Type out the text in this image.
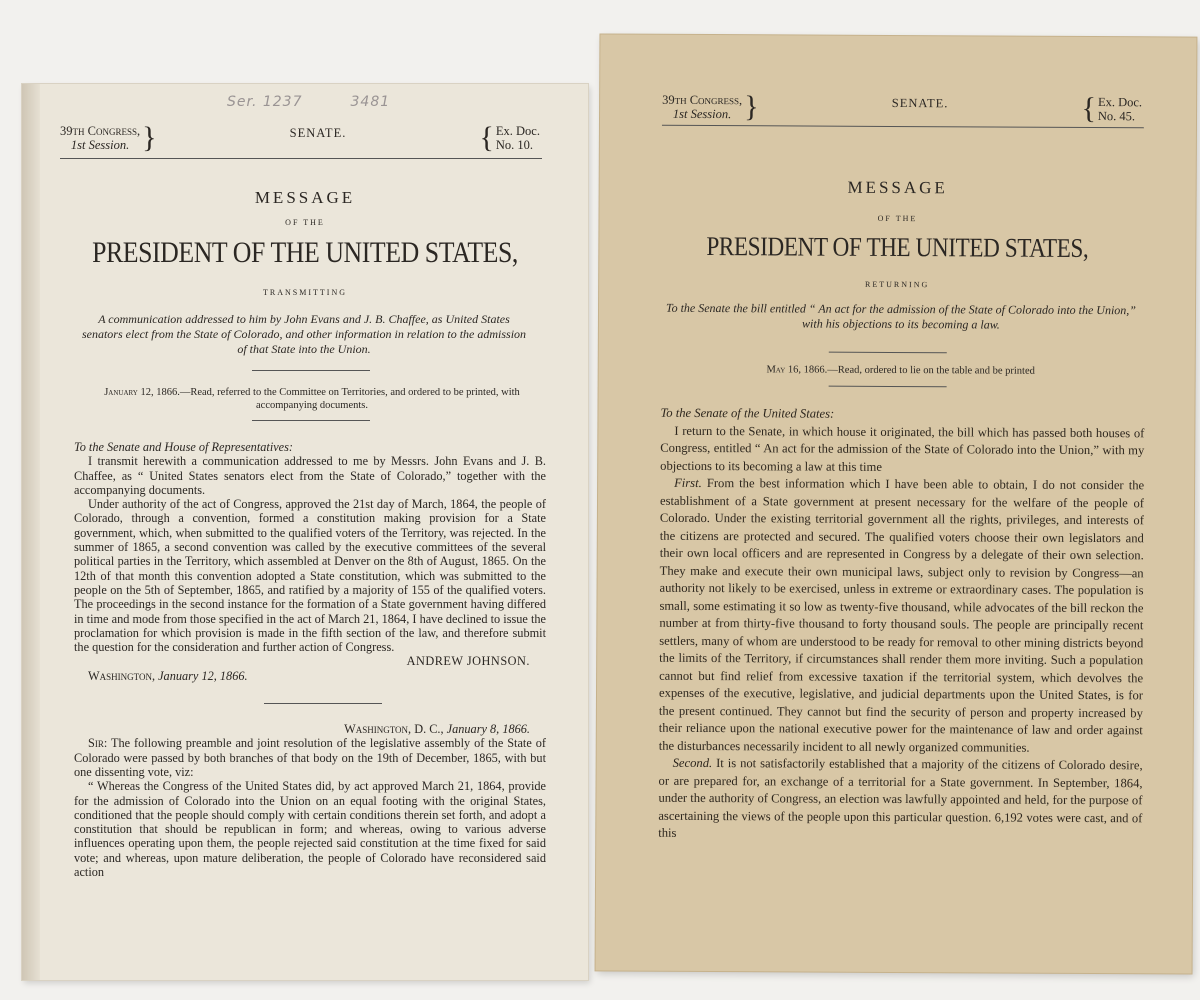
Ser. 1237	3481
39th Congress,
1st Session. }	SENATE.	{ Ex. Doc.
No. 10.
MESSAGE
OF THE
PRESIDENT OF THE UNITED STATES,
TRANSMITTING
A communication addressed to him by John Evans and J. B. Chaffee, as United States senators elect from the State of Colorado, and other information in relation to the admission of that State into the Union.
January 12, 1866.—Read, referred to the Committee on Territories, and ordered to be printed, with accompanying documents.

To the Senate and House of Representatives:

I transmit herewith a communication addressed to me by Messrs. John Evans and J. B. Chaffee, as “ United States senators elect from the State of Colorado,” together with the accompanying documents.

Under authority of the act of Congress, approved the 21st day of March, 1864, the people of Colorado, through a convention, formed a constitution making provision for a State government, which, when submitted to the qualified voters of the Territory, was rejected. In the summer of 1865, a second convention was called by the executive committees of the several political parties in the Territory, which assembled at Denver on the 8th of August, 1865. On the 12th of that month this convention adopted a State constitution, which was submitted to the people on the 5th of September, 1865, and ratified by a majority of 155 of the qualified voters. The proceedings in the second instance for the formation of a State government having differed in time and mode from those specified in the act of March 21, 1864, I have declined to issue the proclamation for which provision is made in the fifth section of the law, and therefore submit the question for the consideration and further action of Congress.

ANDREW JOHNSON.

Washington, January 12, 1866.

Washington, D. C., January 8, 1866.

Sir: The following preamble and joint resolution of the legislative assembly of the State of Colorado were passed by both branches of that body on the 19th of December, 1865, with but one dissenting vote, viz:

“ Whereas the Congress of the United States did, by act approved March 21, 1864, provide for the admission of Colorado into the Union on an equal footing with the original States, conditioned that the people should comply with certain conditions therein set forth, and adopt a constitution that should be republican in form; and whereas, owing to various adverse influences operating upon them, the people rejected said constitution at the time fixed for said vote; and whereas, upon mature deliberation, the people of Colorado have reconsidered said action

39th Congress,
1st Session. }	SENATE.	{ Ex. Doc.
No. 45.
MESSAGE
OF THE
PRESIDENT OF THE UNITED STATES,
RETURNING
To the Senate the bill entitled “ An act for the admission of the State of Colorado into the Union,” with his objections to its becoming a law.
May 16, 1866.—Read, ordered to lie on the table and be printed

To the Senate of the United States:

I return to the Senate, in which house it originated, the bill which has passed both houses of Congress, entitled “ An act for the admission of the State of Colorado into the Union,” with my objections to its becoming a law at this time

First. From the best information which I have been able to obtain, I do not consider the establishment of a State government at present necessary for the welfare of the people of Colorado. Under the existing territorial government all the rights, privileges, and interests of the citizens are protected and secured. The qualified voters choose their own legislators and their own local officers and are represented in Congress by a delegate of their own selection. They make and execute their own municipal laws, subject only to revision by Congress—an authority not likely to be exercised, unless in extreme or extraordinary cases. The population is small, some estimating it so low as twenty-five thousand, while advocates of the bill reckon the number at from thirty-five thousand to forty thousand souls. The people are principally recent settlers, many of whom are understood to be ready for removal to other mining districts beyond the limits of the Territory, if circumstances shall render them more inviting. Such a population cannot but find relief from excessive taxation if the territorial system, which devolves the expenses of the executive, legislative, and judicial departments upon the United States, is for the present continued. They cannot but find the security of person and property increased by their reliance upon the national executive power for the maintenance of law and order against the disturbances necessarily incident to all newly organized communities.

Second. It is not satisfactorily established that a majority of the citizens of Colorado desire, or are prepared for, an exchange of a territorial for a State government. In September, 1864, under the authority of Congress, an election was lawfully appointed and held, for the purpose of ascertaining the views of the people upon this particular question. 6,192 votes were cast, and of this
